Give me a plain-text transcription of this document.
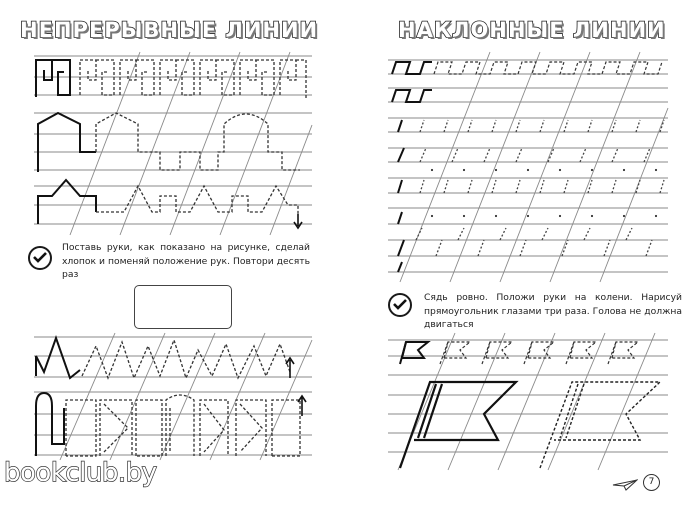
НЕПРЕРЫВНЫЕ ЛИНИИ	НАКЛОННЫЕ ЛИНИИ
Поставь руки, как показано на рисунке, сделай хлопок и поменяй положение рук. Повтори десять раз
Сядь ровно. Положи руки на колени. Нарисуй прямоугольник глазами три раза. Голова не должна двигаться
7
bookclub.by
